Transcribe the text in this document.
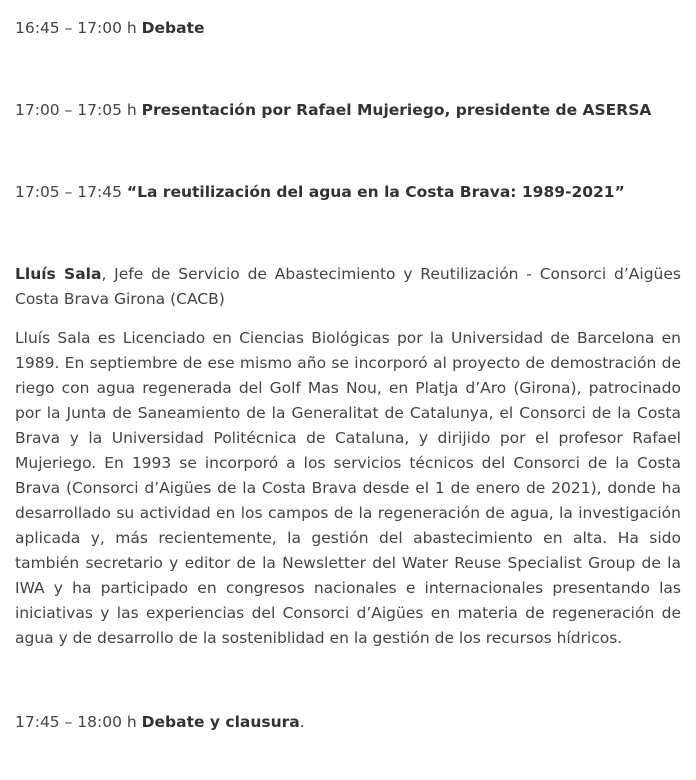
16:45 – 17:00 h Debate
17:00 – 17:05 h Presentación por Rafael Mujeriego, presidente de ASERSA
17:05 – 17:45 “La reutilización del agua en la Costa Brava: 1989-2021”
Lluís Sala, Jefe de Servicio de Abastecimiento y Reutilización - Consorci d’Aigües Costa Brava Girona (CACB)
Lluís Sala es Licenciado en Ciencias Biológicas por la Universidad de Barcelona en 1989. En septiembre de ese mismo año se incorporó al proyecto de demostración de riego con agua regenerada del Golf Mas Nou, en Platja d’Aro (Girona), patrocinado por la Junta de Saneamiento de la Generalitat de Catalunya, el Consorci de la Costa Brava y la Universidad Politécnica de Cataluna, y dirijido por el profesor Rafael Mujeriego. En 1993 se incorporó a los servicios técnicos del Consorci de la Costa Brava (Consorci d’Aigües de la Costa Brava desde el 1 de enero de 2021), donde ha desarrollado su actividad en los campos de la regeneración de agua, la investigación aplicada y, más recientemente, la gestión del abastecimiento en alta. Ha sido también secretario y editor de la Newsletter del Water Reuse Specialist Group de la IWA y ha participado en congresos nacionales e internacionales presentando las iniciativas y las experiencias del Consorci d’Aigües en materia de regeneración de agua y de desarrollo de la sosteniblidad en la gestión de los recursos hídricos.
17:45 – 18:00 h Debate y clausura.
